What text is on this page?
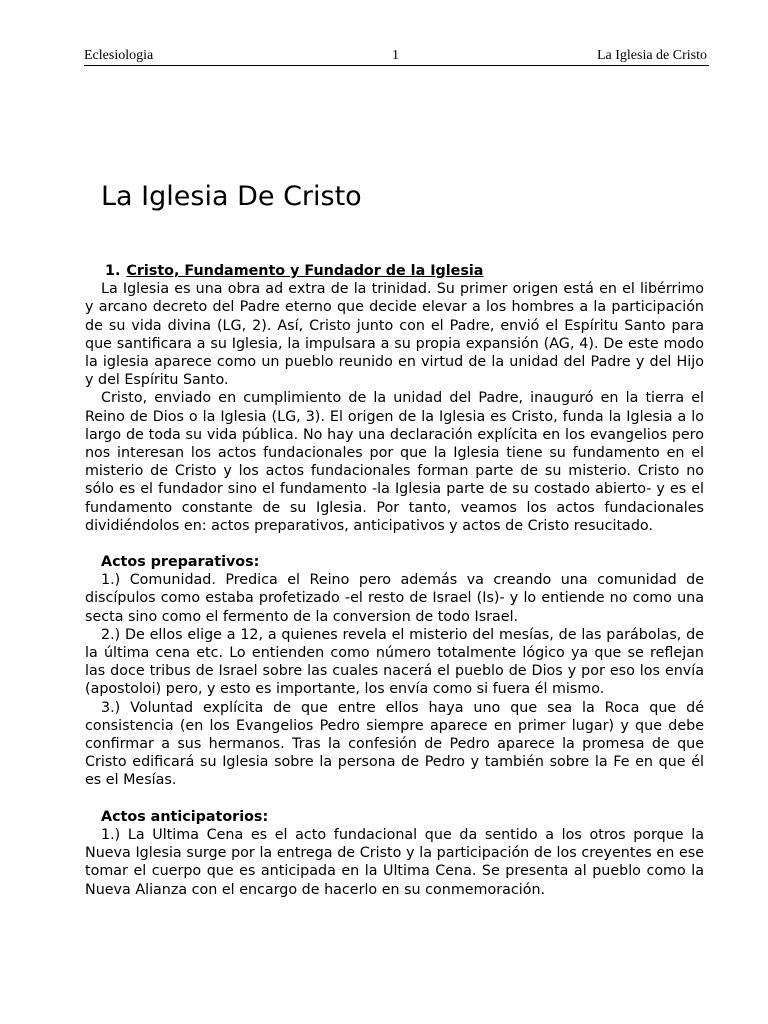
Eclesiologia	1	La Iglesia de Cristo
La Iglesia De Cristo
1. Cristo, Fundamento y Fundador de la Iglesia

La Iglesia es una obra ad extra de la trinidad. Su primer origen está en el libérrimo y arcano decreto del Padre eterno que decide elevar a los hombres a la participación de su vida divina (LG, 2). Así, Cristo junto con el Padre, envió el Espíritu Santo para que santificara a su Iglesia, la impulsara a su propia expansión (AG, 4). De este modo la iglesia aparece como un pueblo reunido en virtud de la unidad del Padre y del Hijo y del Espíritu Santo.

Cristo, enviado en cumplimiento de la unidad del Padre, inauguró en la tierra el Reino de Dios o la Iglesia (LG, 3). El origen de la Iglesia es Cristo, funda la Iglesia a lo largo de toda su vida pública. No hay una declaración explícita en los evangelios pero nos interesan los actos fundacionales por que la Iglesia tiene su fundamento en el misterio de Cristo y los actos fundacionales forman parte de su misterio. Cristo no sólo es el fundador sino el fundamento -la Iglesia parte de su costado abierto- y es el fundamento constante de su Iglesia. Por tanto, veamos los actos fundacionales dividiéndolos en: actos preparativos, anticipativos y actos de Cristo resucitado.

Actos preparativos:

1.) Comunidad. Predica el Reino pero además va creando una comunidad de discípulos como estaba profetizado -el resto de Israel (Is)- y lo entiende no como una secta sino como el fermento de la conversion de todo Israel.

2.) De ellos elige a 12, a quienes revela el misterio del mesías, de las parábolas, de la última cena etc. Lo entienden como número totalmente lógico ya que se reflejan las doce tribus de Israel sobre las cuales nacerá el pueblo de Dios y por eso los envía (apostoloi) pero, y esto es importante, los envía como si fuera él mismo.

3.) Voluntad explícita de que entre ellos haya uno que sea la Roca que dé consistencia (en los Evangelios Pedro siempre aparece en primer lugar) y que debe confirmar a sus hermanos. Tras la confesión de Pedro aparece la promesa de que Cristo edificará su Iglesia sobre la persona de Pedro y también sobre la Fe en que él es el Mesías.

Actos anticipatorios:

1.) La Ultima Cena es el acto fundacional que da sentido a los otros porque la Nueva Iglesia surge por la entrega de Cristo y la participación de los creyentes en ese tomar el cuerpo que es anticipada en la Ultima Cena. Se presenta al pueblo como la Nueva Alianza con el encargo de hacerlo en su conmemoración.
